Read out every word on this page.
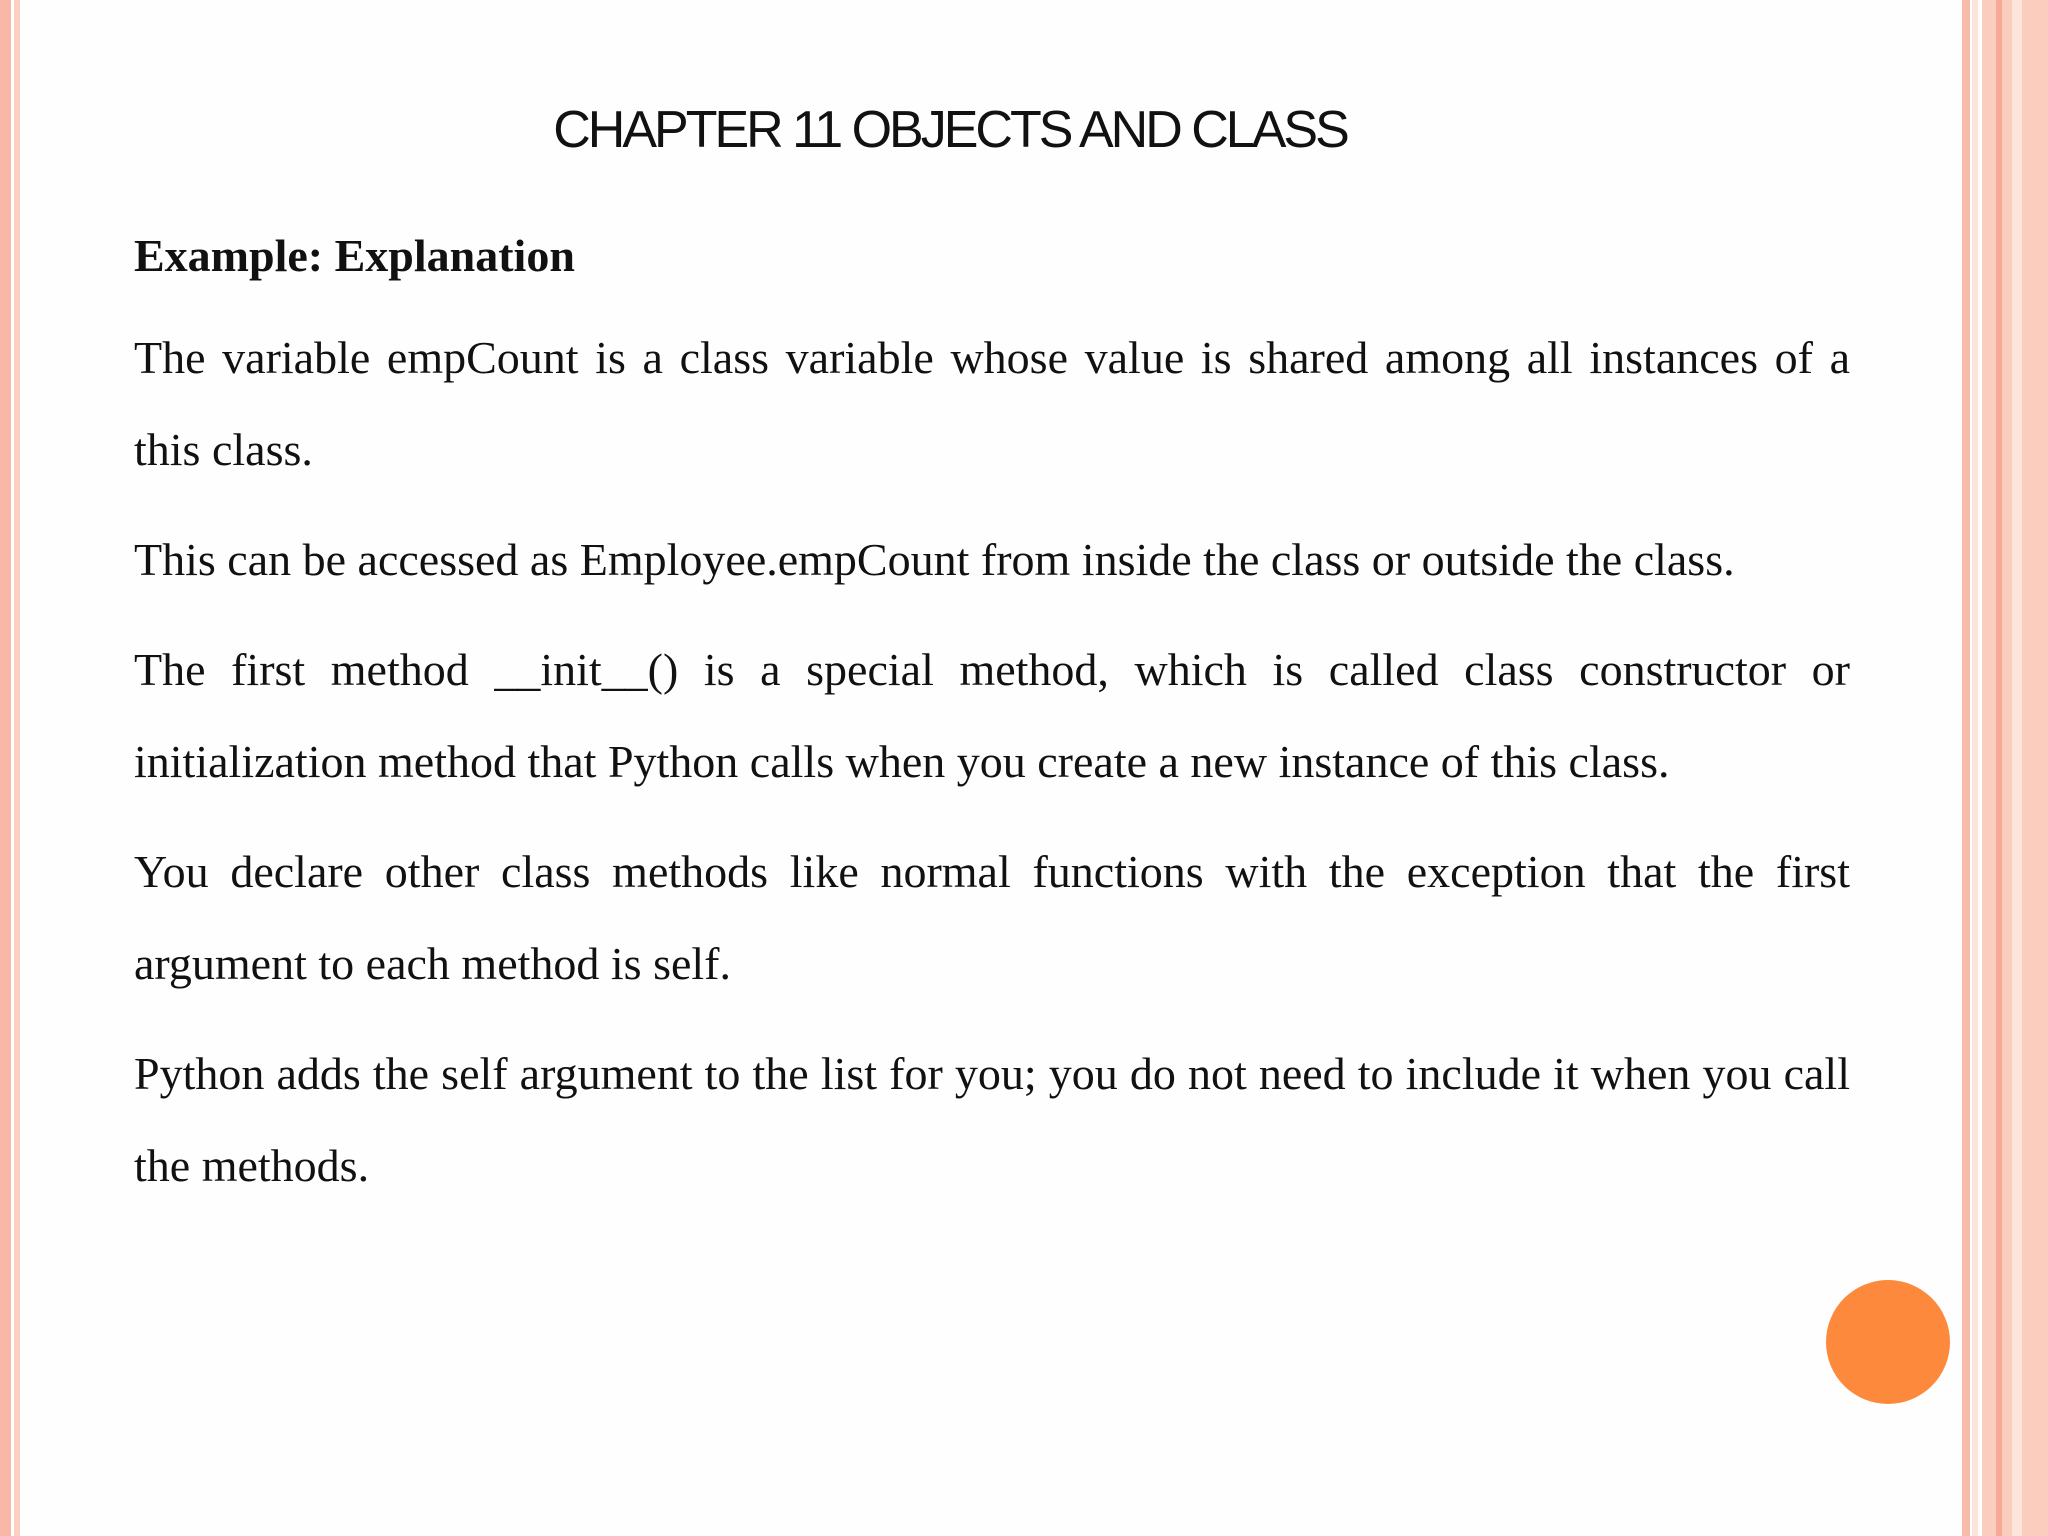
CHAPTER 11 OBJECTS AND CLASS
Example: Explanation

The variable empCount is a class variable whose value is shared among all instances of a this class.

This can be accessed as Employee.empCount from inside the class or outside the class.

The first method __init__() is a special method, which is called class constructor or initialization method that Python calls when you create a new instance of this class.

You declare other class methods like normal functions with the exception that the first argument to each method is self.

Python adds the self argument to the list for you; you do not need to include it when you call the methods.
